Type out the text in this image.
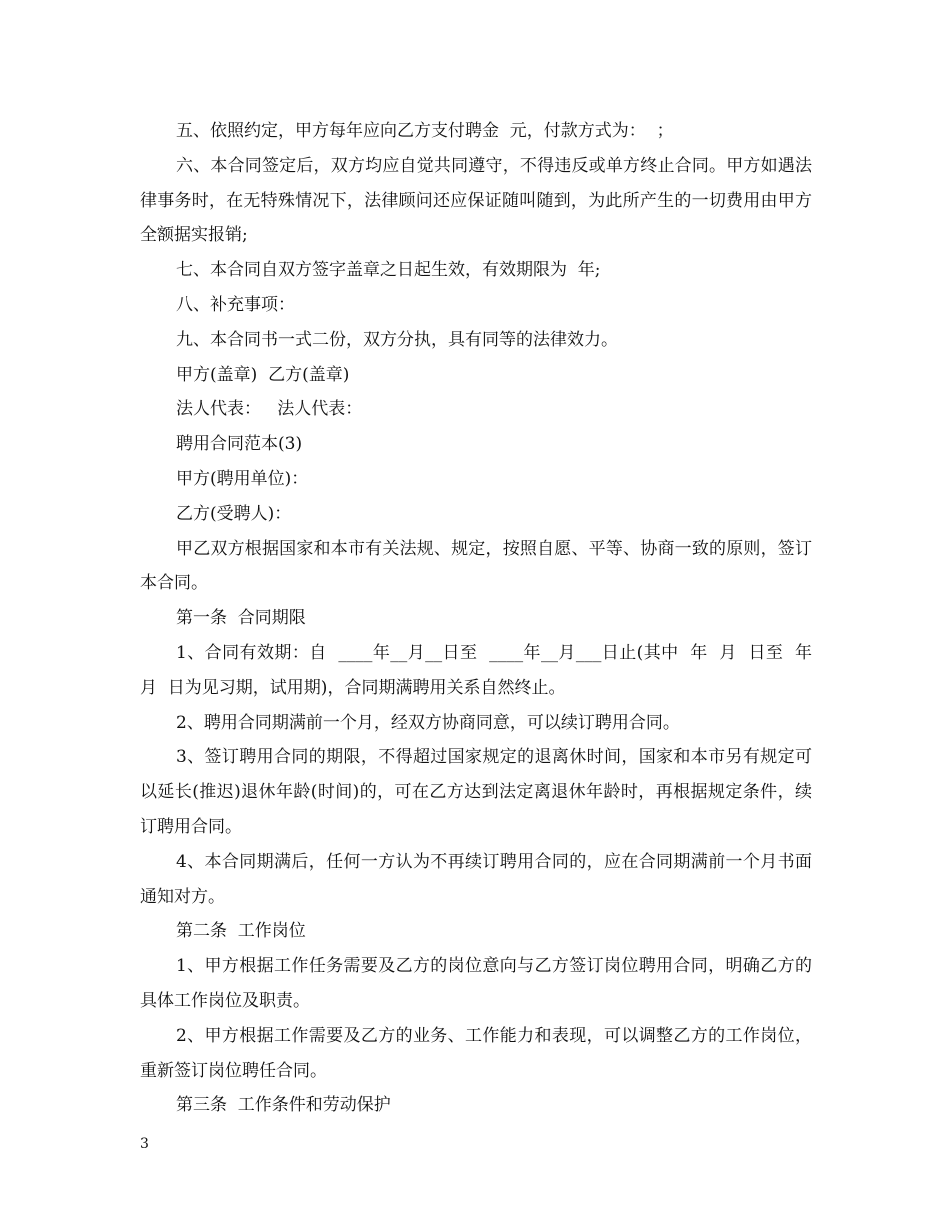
五、依照约定，甲方每年应向乙方支付聘金  元，付款方式为：  ；

六、本合同签定后，双方均应自觉共同遵守，不得违反或单方终止合同。甲方如遇法律事务时，在无特殊情况下，法律顾问还应保证随叫随到，为此所产生的一切费用由甲方全额据实报销;

七、本合同自双方签字盖章之日起生效，有效期限为  年;

八、补充事项：

九、本合同书一式二份，双方分执，具有同等的法律效力。

甲方(盖章)  乙方(盖章)

法人代表：   法人代表：

聘用合同范本(3)

甲方(聘用单位)：

乙方(受聘人)：

甲乙双方根据国家和本市有关法规、规定，按照自愿、平等、协商一致的原则，签订本合同。

第一条  合同期限

1、合同有效期：自  ____年__月__日至  ____年__月___日止(其中  年  月  日至  年  月  日为见习期，试用期)，合同期满聘用关系自然终止。

2、聘用合同期满前一个月，经双方协商同意，可以续订聘用合同。

3、签订聘用合同的期限，不得超过国家规定的退离休时间，国家和本市另有规定可以延长(推迟)退休年龄(时间)的，可在乙方达到法定离退休年龄时，再根据规定条件，续订聘用合同。

4、本合同期满后，任何一方认为不再续订聘用合同的，应在合同期满前一个月书面通知对方。

第二条  工作岗位

1、甲方根据工作任务需要及乙方的岗位意向与乙方签订岗位聘用合同，明确乙方的具体工作岗位及职责。

2、甲方根据工作需要及乙方的业务、工作能力和表现，可以调整乙方的工作岗位，重新签订岗位聘任合同。

第三条  工作条件和劳动保护

3
